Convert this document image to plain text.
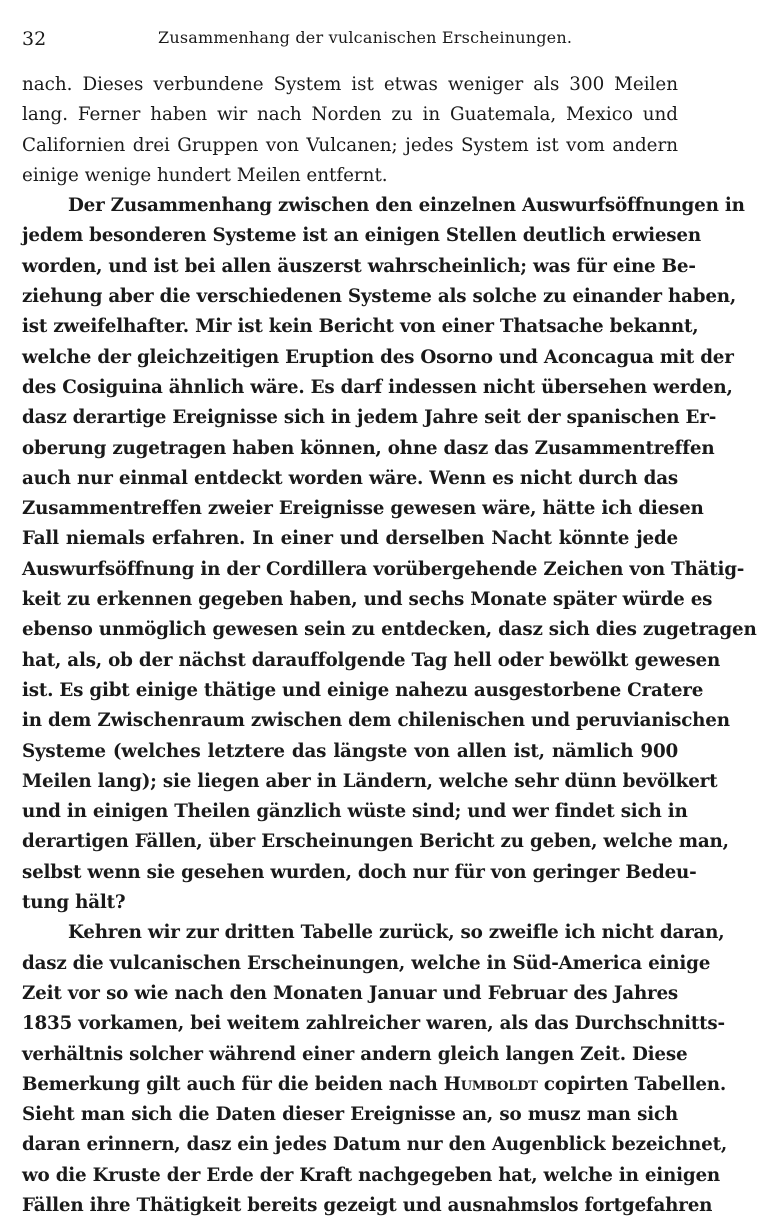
32	Zusammenhang der vulcanischen Erscheinungen.
nach. Dieses verbundene System ist etwas weniger als 300 Meilen
lang. Ferner haben wir nach Norden zu in Guatemala, Mexico und
Californien drei Gruppen von Vulcanen; jedes System ist vom andern
einige wenige hundert Meilen entfernt.
Der Zusammenhang zwischen den einzelnen Auswurfsöffnungen in
jedem besonderen Systeme ist an einigen Stellen deutlich erwiesen
worden, und ist bei allen äuszerst wahrscheinlich; was für eine Be-
ziehung aber die verschiedenen Systeme als solche zu einander haben,
ist zweifelhafter. Mir ist kein Bericht von einer Thatsache bekannt,
welche der gleichzeitigen Eruption des Osorno und Aconcagua mit der
des Cosiguina ähnlich wäre. Es darf indessen nicht übersehen werden,
dasz derartige Ereignisse sich in jedem Jahre seit der spanischen Er-
oberung zugetragen haben können, ohne dasz das Zusammentreffen
auch nur einmal entdeckt worden wäre. Wenn es nicht durch das
Zusammentreffen zweier Ereignisse gewesen wäre, hätte ich diesen
Fall niemals erfahren. In einer und derselben Nacht könnte jede
Auswurfsöffnung in der Cordillera vorübergehende Zeichen von Thätig-
keit zu erkennen gegeben haben, und sechs Monate später würde es
ebenso unmöglich gewesen sein zu entdecken, dasz sich dies zugetragen
hat, als, ob der nächst darauffolgende Tag hell oder bewölkt gewesen
ist. Es gibt einige thätige und einige nahezu ausgestorbene Cratere
in dem Zwischenraum zwischen dem chilenischen und peruvianischen
Systeme (welches letztere das längste von allen ist, nämlich 900
Meilen lang); sie liegen aber in Ländern, welche sehr dünn bevölkert
und in einigen Theilen gänzlich wüste sind; und wer findet sich in
derartigen Fällen, über Erscheinungen Bericht zu geben, welche man,
selbst wenn sie gesehen wurden, doch nur für von geringer Bedeu-
tung hält?
Kehren wir zur dritten Tabelle zurück, so zweifle ich nicht daran,
dasz die vulcanischen Erscheinungen, welche in Süd-America einige
Zeit vor so wie nach den Monaten Januar und Februar des Jahres
1835 vorkamen, bei weitem zahlreicher waren, als das Durchschnitts-
verhältnis solcher während einer andern gleich langen Zeit. Diese
Bemerkung gilt auch für die beiden nach Humboldt copirten Tabellen.
Sieht man sich die Daten dieser Ereignisse an, so musz man sich
daran erinnern, dasz ein jedes Datum nur den Augenblick bezeichnet,
wo die Kruste der Erde der Kraft nachgegeben hat, welche in einigen
Fällen ihre Thätigkeit bereits gezeigt und ausnahmslos fortgefahren
